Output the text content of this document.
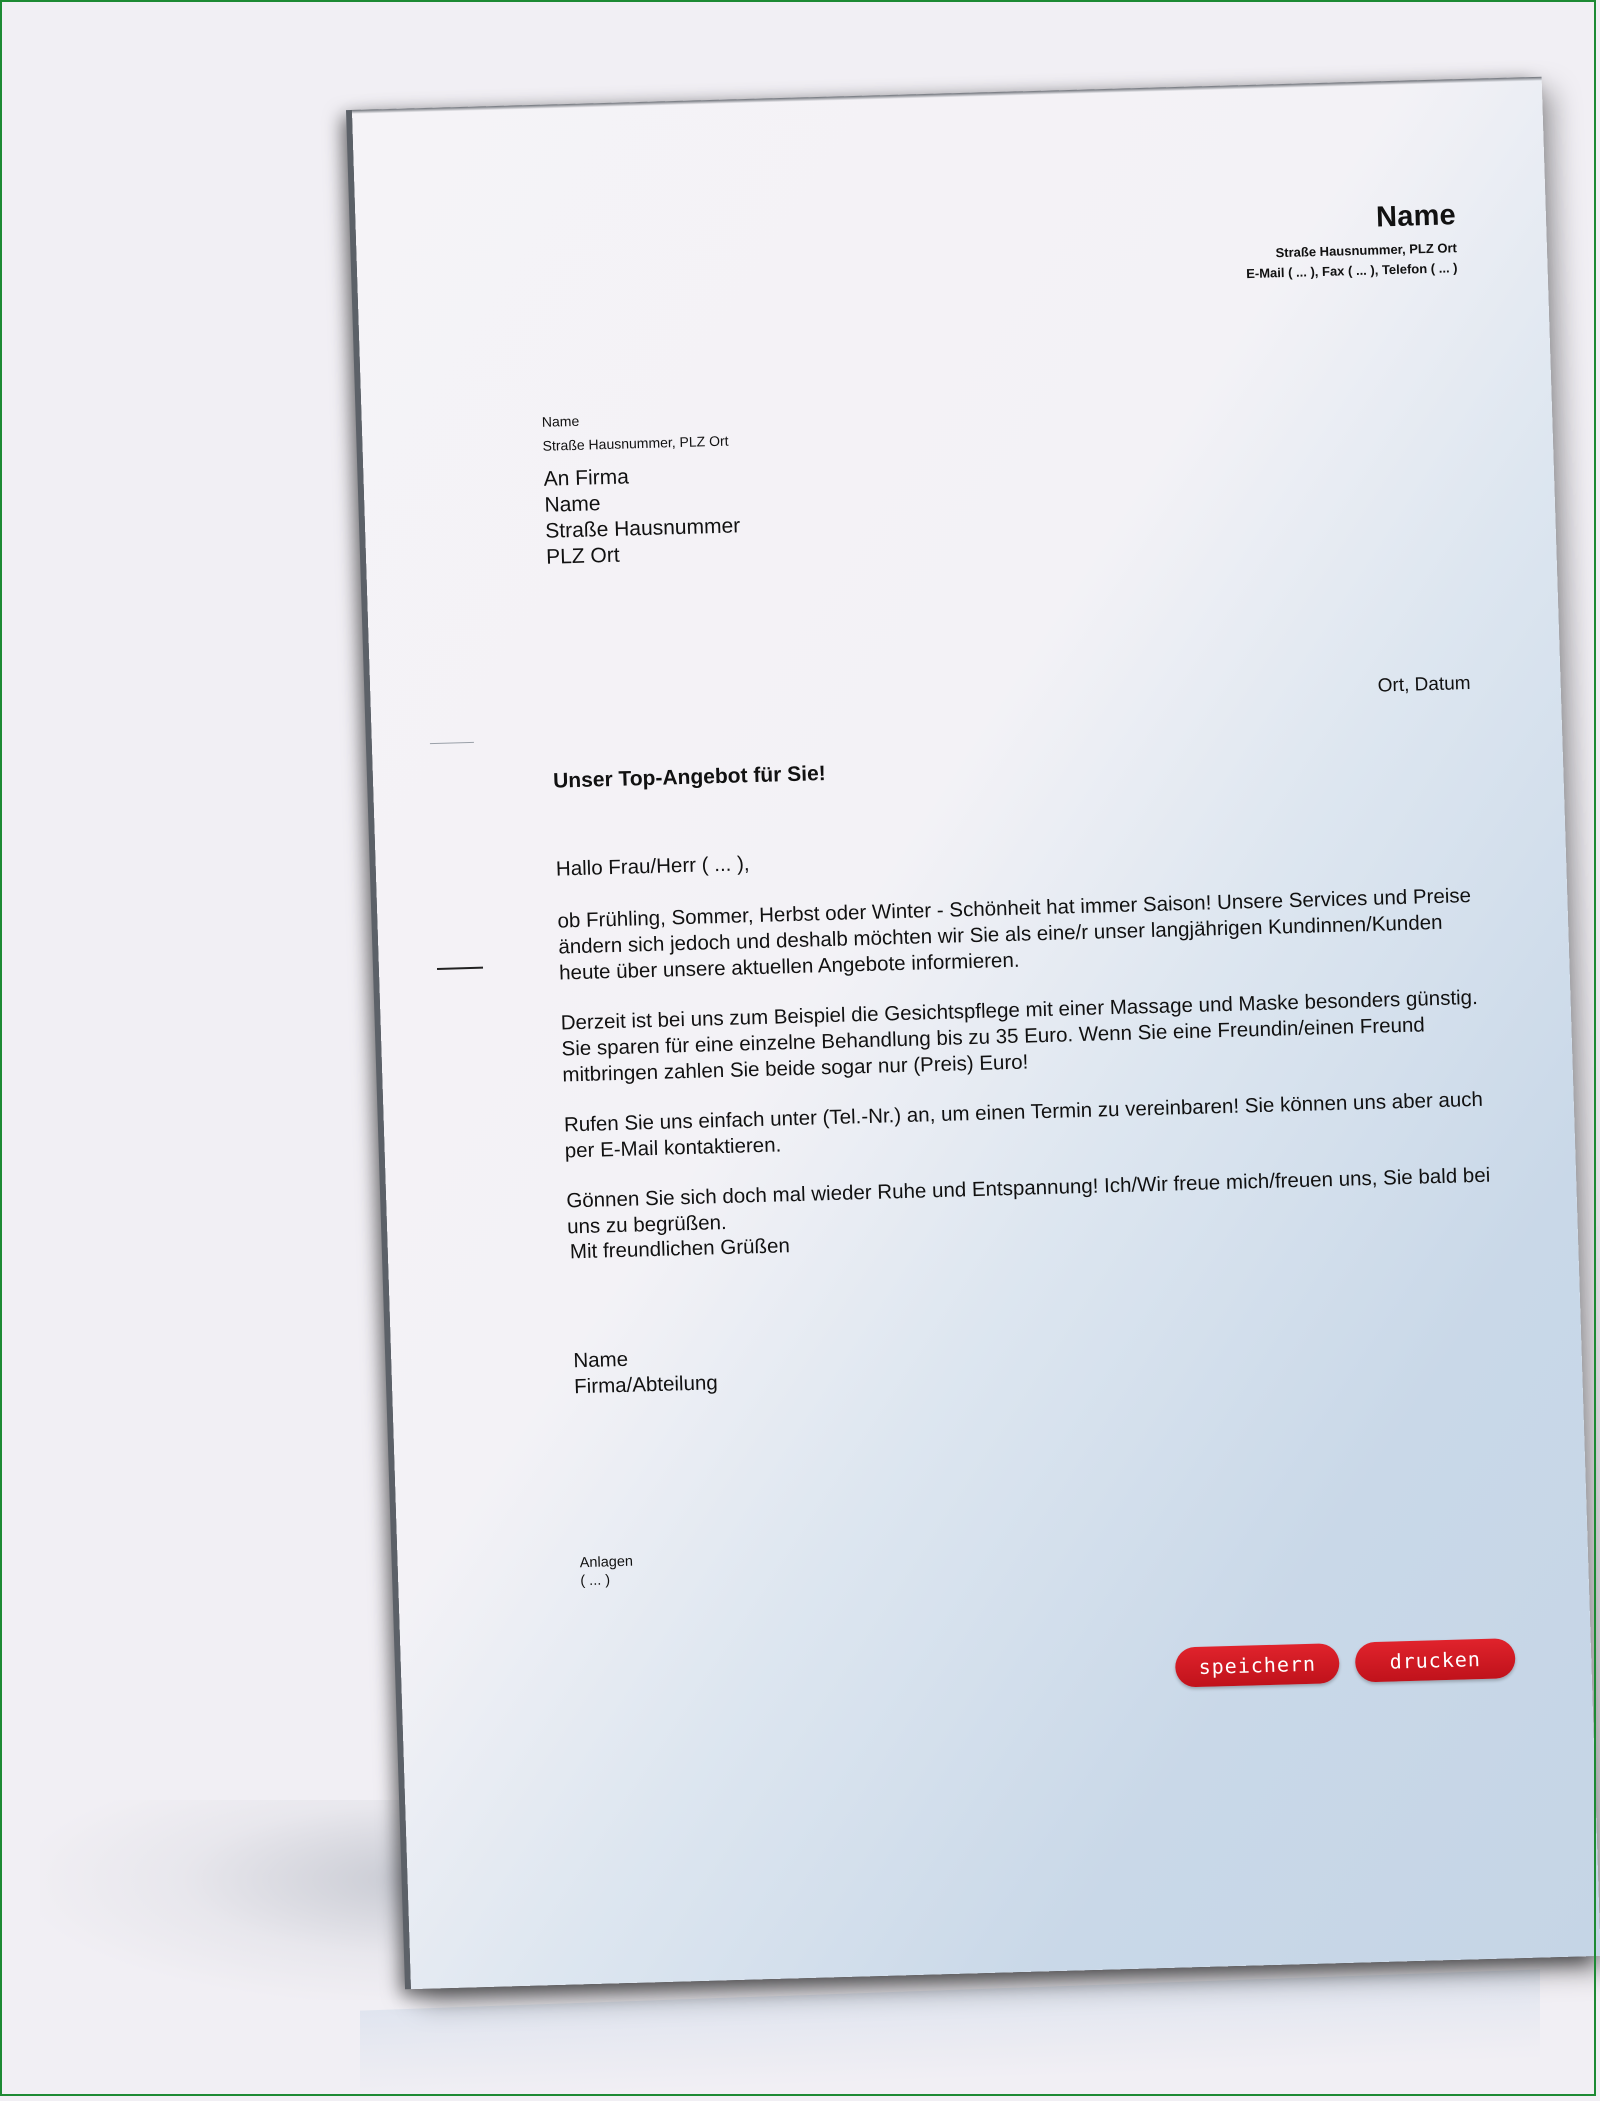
Name
Straße Hausnummer, PLZ Ort
E-Mail ( ... ), Fax ( ... ), Telefon ( ... )
Name
Straße Hausnummer, PLZ Ort
An Firma
Name
Straße Hausnummer
PLZ Ort
Ort, Datum
Unser Top-Angebot für Sie!

Hallo Frau/Herr ( ... ),

ob Frühling, Sommer, Herbst oder Winter - Schönheit hat immer Saison! Unsere Services und Preise ändern sich jedoch und deshalb möchten wir Sie als eine/r unser langjährigen Kundinnen/Kunden heute über unsere aktuellen Angebote informieren.

Derzeit ist bei uns zum Beispiel die Gesichtspflege mit einer Massage und Maske besonders günstig. Sie sparen für eine einzelne Behandlung bis zu 35 Euro. Wenn Sie eine Freundin/einen Freund mitbringen zahlen Sie beide sogar nur (Preis) Euro!

Rufen Sie uns einfach unter (Tel.-Nr.) an, um einen Termin zu vereinbaren! Sie können uns aber auch per E-Mail kontaktieren.

Gönnen Sie sich doch mal wieder Ruhe und Entspannung! Ich/Wir freue mich/freuen uns, Sie bald bei uns zu begrüßen.

Mit freundlichen Grüßen
Name
Firma/Abteilung
Anlagen
( ... )
speichern	drucken
